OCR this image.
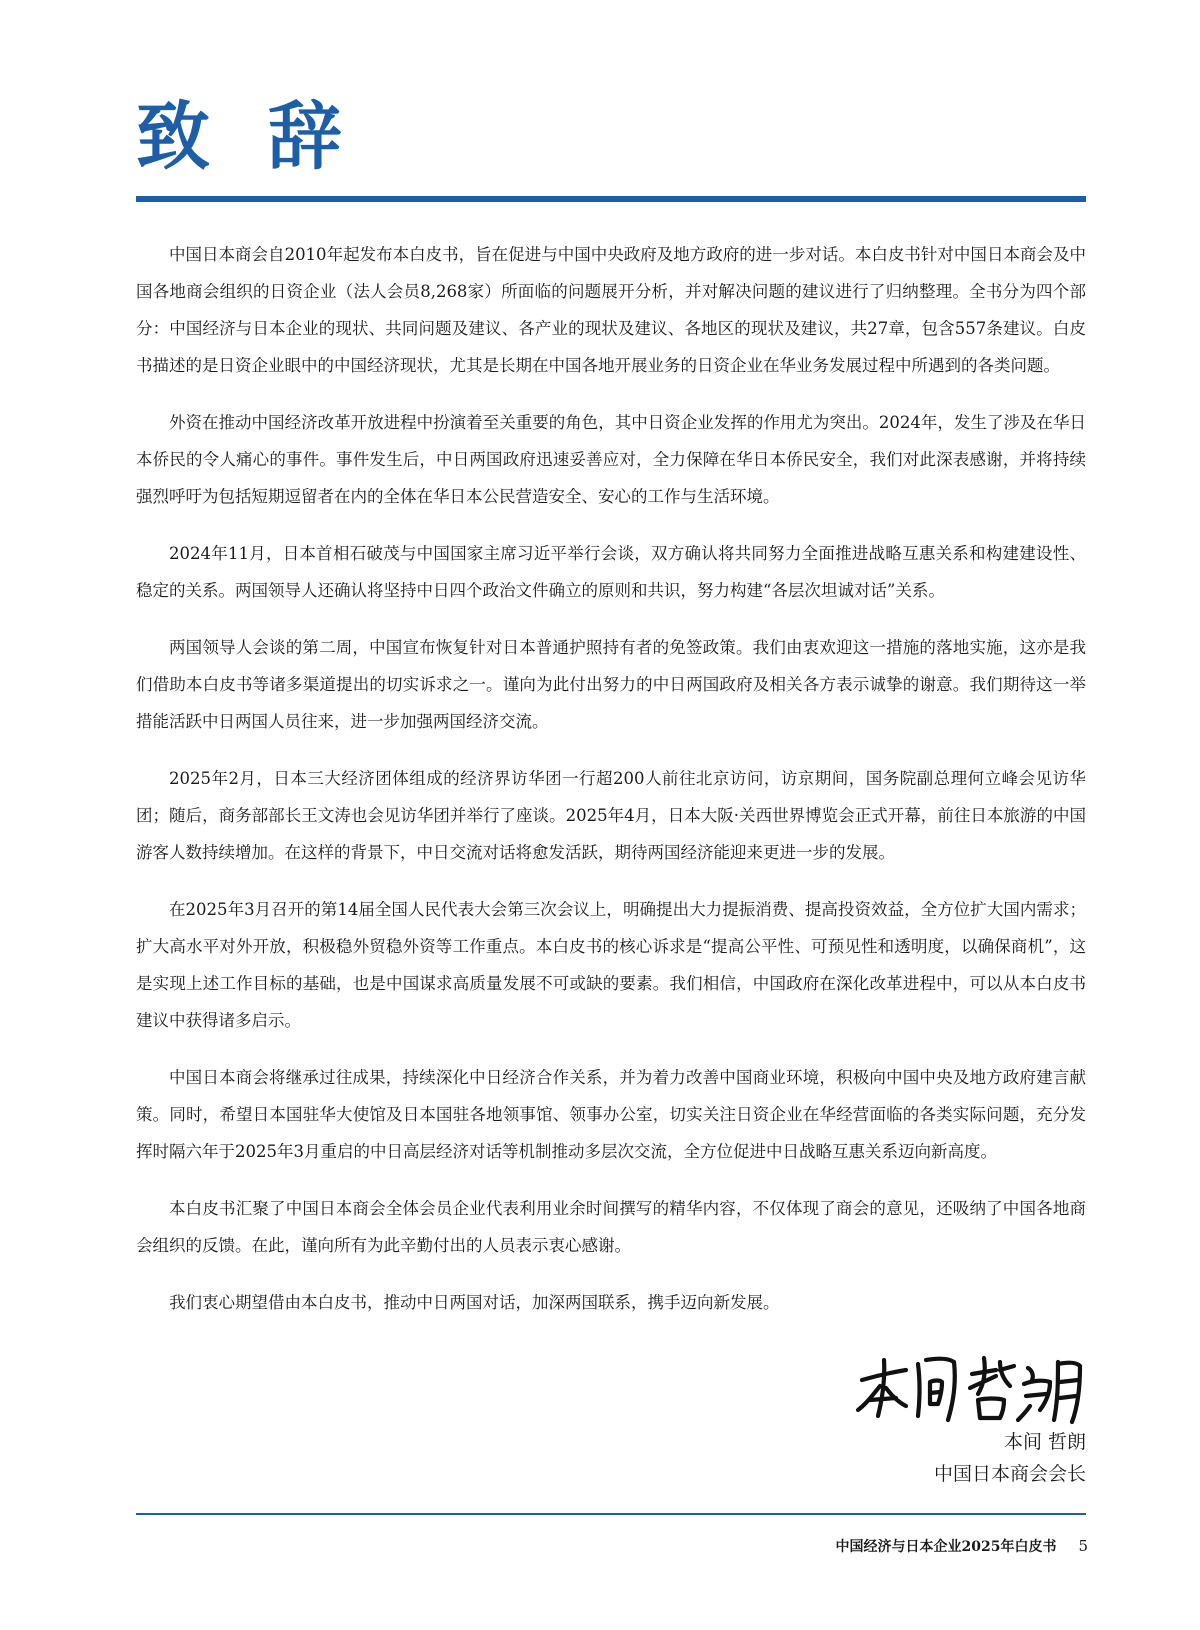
致 辞

中国日本商会自2010年起发布本白皮书，旨在促进与中国中央政府及地方政府的进一步对话。本白皮书针对中国日本商会及中国各地商会组织的日资企业（法人会员8,268家）所面临的问题展开分析，并对解决问题的建议进行了归纳整理。全书分为四个部分：中国经济与日本企业的现状、共同问题及建议、各产业的现状及建议、各地区的现状及建议，共27章，包含557条建议。白皮书描述的是日资企业眼中的中国经济现状，尤其是长期在中国各地开展业务的日资企业在华业务发展过程中所遇到的各类问题。

外资在推动中国经济改革开放进程中扮演着至关重要的角色，其中日资企业发挥的作用尤为突出。2024年，发生了涉及在华日本侨民的令人痛心的事件。事件发生后，中日两国政府迅速妥善应对，全力保障在华日本侨民安全，我们对此深表感谢，并将持续强烈呼吁为包括短期逗留者在内的全体在华日本公民营造安全、安心的工作与生活环境。

2024年11月，日本首相石破茂与中国国家主席习近平举行会谈，双方确认将共同努力全面推进战略互惠关系和构建建设性、稳定的关系。两国领导人还确认将坚持中日四个政治文件确立的原则和共识，努力构建“各层次坦诚对话”关系。

两国领导人会谈的第二周，中国宣布恢复针对日本普通护照持有者的免签政策。我们由衷欢迎这一措施的落地实施，这亦是我们借助本白皮书等诸多渠道提出的切实诉求之一。谨向为此付出努力的中日两国政府及相关各方表示诚挚的谢意。我们期待这一举措能活跃中日两国人员往来，进一步加强两国经济交流。

2025年2月，日本三大经济团体组成的经济界访华团一行超200人前往北京访问，访京期间，国务院副总理何立峰会见访华团；随后，商务部部长王文涛也会见访华团并举行了座谈。2025年4月，日本大阪·关西世界博览会正式开幕，前往日本旅游的中国游客人数持续增加。在这样的背景下，中日交流对话将愈发活跃，期待两国经济能迎来更进一步的发展。

在2025年3月召开的第14届全国人民代表大会第三次会议上，明确提出大力提振消费、提高投资效益，全方位扩大国内需求；扩大高水平对外开放，积极稳外贸稳外资等工作重点。本白皮书的核心诉求是“提高公平性、可预见性和透明度，以确保商机”，这是实现上述工作目标的基础，也是中国谋求高质量发展不可或缺的要素。我们相信，中国政府在深化改革进程中，可以从本白皮书建议中获得诸多启示。

中国日本商会将继承过往成果，持续深化中日经济合作关系，并为着力改善中国商业环境，积极向中国中央及地方政府建言献策。同时，希望日本国驻华大使馆及日本国驻各地领事馆、领事办公室，切实关注日资企业在华经营面临的各类实际问题，充分发挥时隔六年于2025年3月重启的中日高层经济对话等机制推动多层次交流，全方位促进中日战略互惠关系迈向新高度。

本白皮书汇聚了中国日本商会全体会员企业代表利用业余时间撰写的精华内容，不仅体现了商会的意见，还吸纳了中国各地商会组织的反馈。在此，谨向所有为此辛勤付出的人员表示衷心感谢。

我们衷心期望借由本白皮书，推动中日两国对话，加深两国联系，携手迈向新发展。

本间 哲朗
中国日本商会会长
中国经济与日本企业2025年白皮书 5
